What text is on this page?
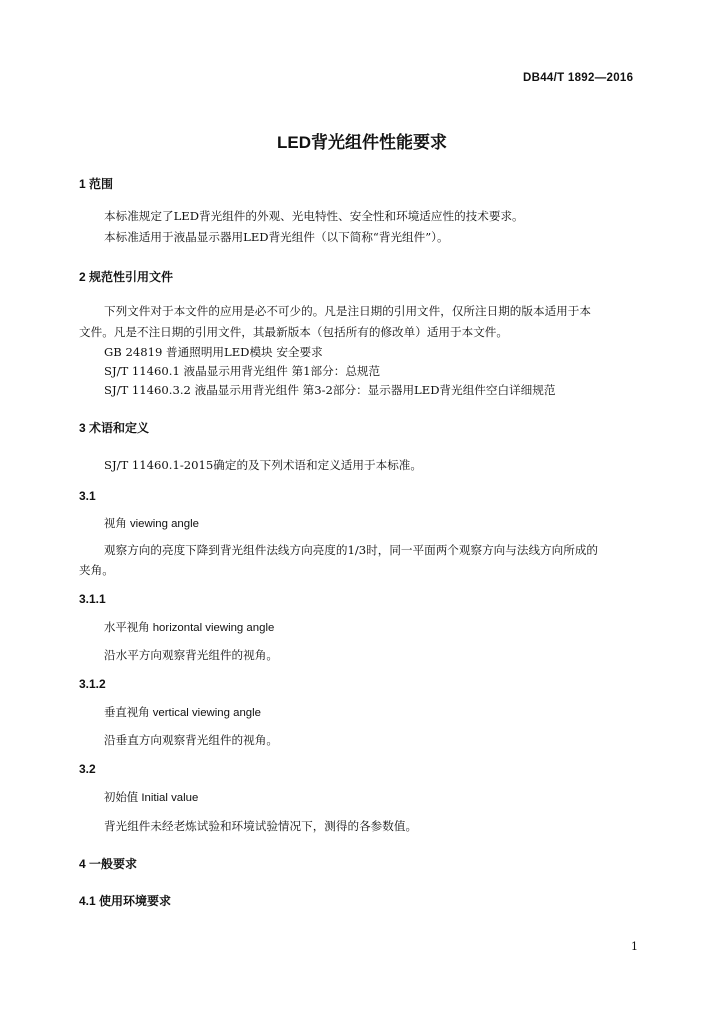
DB44/T 1892—2016
LED背光组件性能要求
1 范围
本标准规定了LED背光组件的外观、光电特性、安全性和环境适应性的技术要求。
本标准适用于液晶显示器用LED背光组件（以下简称“背光组件”）。
2 规范性引用文件
下列文件对于本文件的应用是必不可少的。凡是注日期的引用文件，仅所注日期的版本适用于本
文件。凡是不注日期的引用文件，其最新版本（包括所有的修改单）适用于本文件。
GB 24819 普通照明用LED模块 安全要求
SJ/T 11460.1 液晶显示用背光组件 第1部分：总规范
SJ/T 11460.3.2 液晶显示用背光组件 第3-2部分：显示器用LED背光组件空白详细规范
3 术语和定义
SJ/T 11460.1-2015确定的及下列术语和定义适用于本标准。
3.1
视角 viewing angle
观察方向的亮度下降到背光组件法线方向亮度的1/3时，同一平面两个观察方向与法线方向所成的
夹角。
3.1.1
水平视角 horizontal viewing angle
沿水平方向观察背光组件的视角。
3.1.2
垂直视角 vertical viewing angle
沿垂直方向观察背光组件的视角。
3.2
初始值 Initial value
背光组件未经老炼试验和环境试验情况下，测得的各参数值。
4 一般要求
4.1 使用环境要求
1
